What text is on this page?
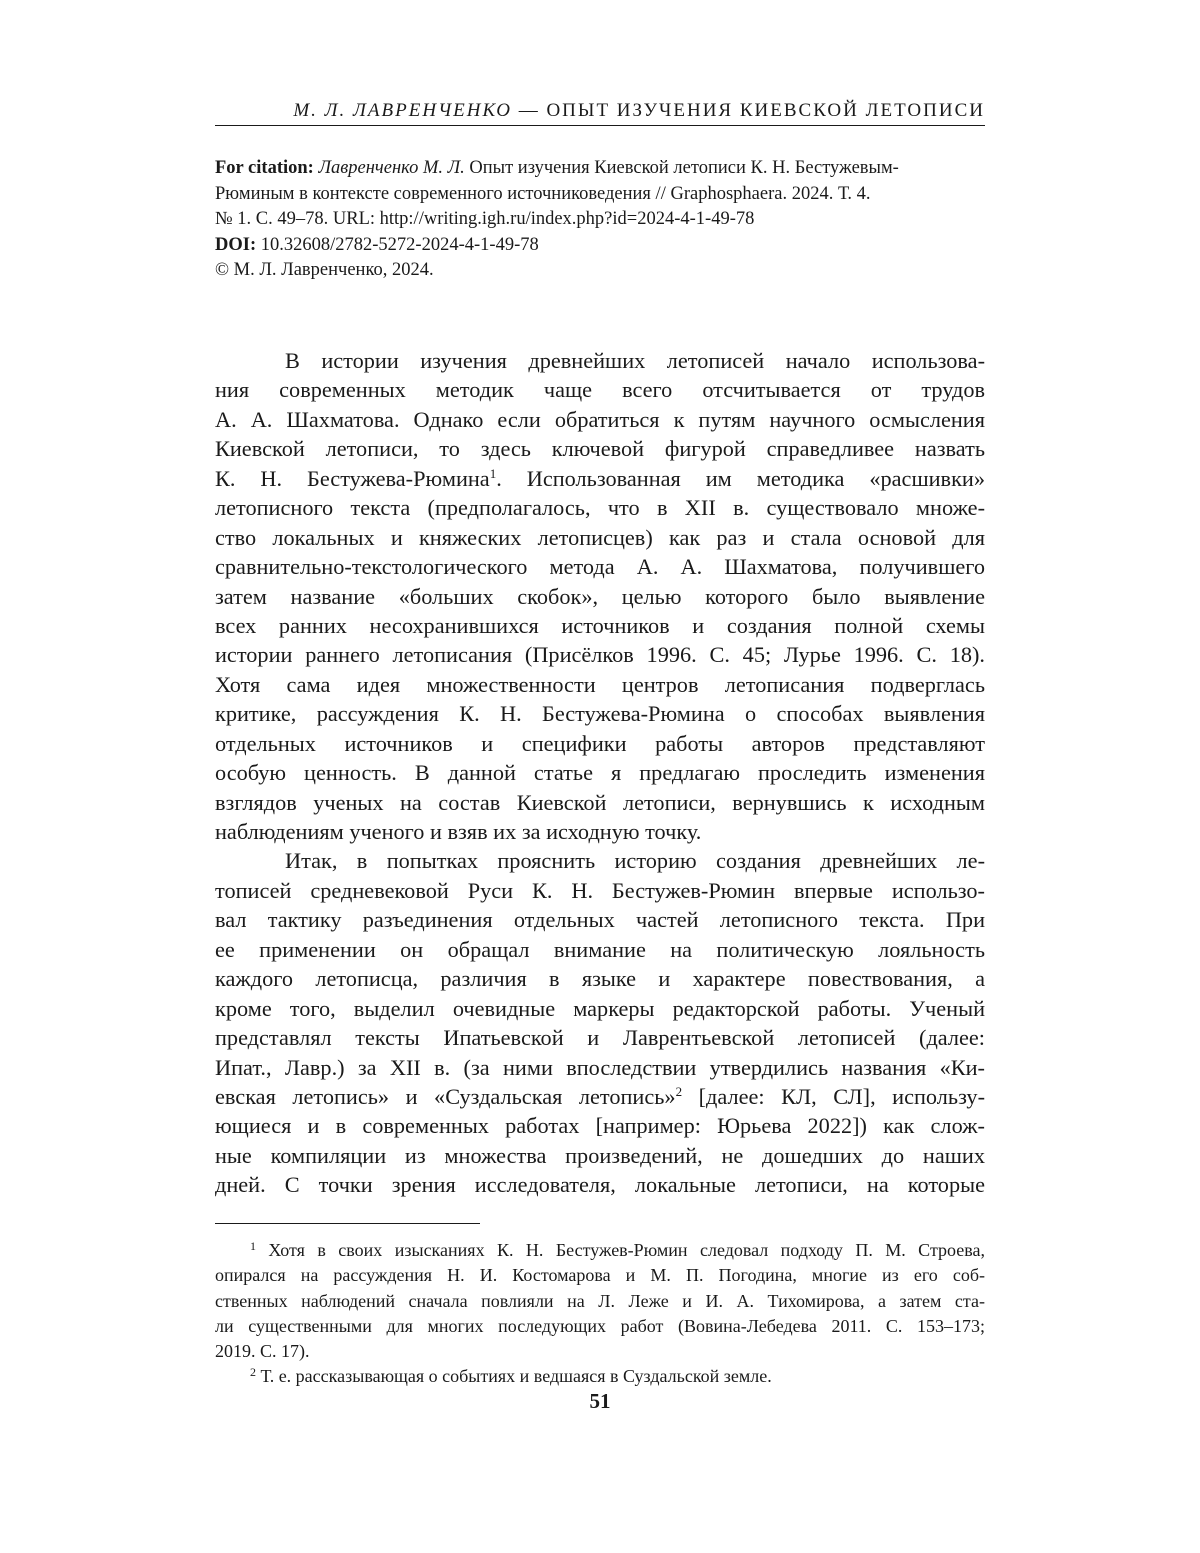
М. Л. ЛАВРЕНЧЕНКО — ОПЫТ ИЗУЧЕНИЯ КИЕВСКОЙ ЛЕТОПИСИ
For citation: Лавренченко М. Л. Опыт изучения Киевской летописи К. Н. Бестужевым-
Рюминым в контексте современного источниковедения // Graphosphaera. 2024. Т. 4.
№ 1. С. 49–78. URL: http://writing.igh.ru/index.php?id=2024-4-1-49-78
DOI: 10.32608/2782-5272-2024-4-1-49-78
© М. Л. Лавренченко, 2024.
В истории изучения древнейших летописей начало использова-
ния современных методик чаще всего отсчитывается от трудов
А. А. Шахматова. Однако если обратиться к путям научного осмысления
Киевской летописи, то здесь ключевой фигурой справедливее назвать
К. Н. Бестужева-Рюмина$^1$. Использованная им методика «расшивки»
летописного текста (предполагалось, что в XII в. существовало множе-
ство локальных и княжеских летописцев) как раз и стала основой для
сравнительно-текстологического метода А. А. Шахматова, получившего
затем название «больших скобок», целью которого было выявление
всех ранних несохранившихся источников и создания полной схемы
истории раннего летописания (Присёлков 1996. С. 45; Лурье 1996. С. 18).
Хотя сама идея множественности центров летописания подверглась
критике, рассуждения К. Н. Бестужева-Рюмина о способах выявления
отдельных источников и специфики работы авторов представляют
особую ценность. В данной статье я предлагаю проследить изменения
взглядов ученых на состав Киевской летописи, вернувшись к исходным
наблюдениям ученого и взяв их за исходную точку.
Итак, в попытках прояснить историю создания древнейших ле-
тописей средневековой Руси К. Н. Бестужев-Рюмин впервые использо-
вал тактику разъединения отдельных частей летописного текста. При
ее применении он обращал внимание на политическую лояльность
каждого летописца, различия в языке и характере повествования, а
кроме того, выделил очевидные маркеры редакторской работы. Ученый
представлял тексты Ипатьевской и Лаврентьевской летописей (далее:
Ипат., Лавр.) за XII в. (за ними впоследствии утвердились названия «Ки-
евская летопись» и «Суздальская летопись»$^2$ [далее: КЛ, СЛ], использу-
ющиеся и в современных работах [например: Юрьева 2022]) как слож-
ные компиляции из множества произведений, не дошедших до наших
дней. С точки зрения исследователя, локальные летописи, на которые
$^1$ Хотя в своих изысканиях К. Н. Бестужев-Рюмин следовал подходу П. М. Строева,
опирался на рассуждения Н. И. Костомарова и М. П. Погодина, многие из его соб-
ственных наблюдений сначала повлияли на Л. Леже и И. А. Тихомирова, а затем ста-
ли существенными для многих последующих работ (Вовина-Лебедева 2011. С. 153–173;
2019. С. 17).
$^2$ Т. е. рассказывающая о событиях и ведшаяся в Суздальской земле.
51
